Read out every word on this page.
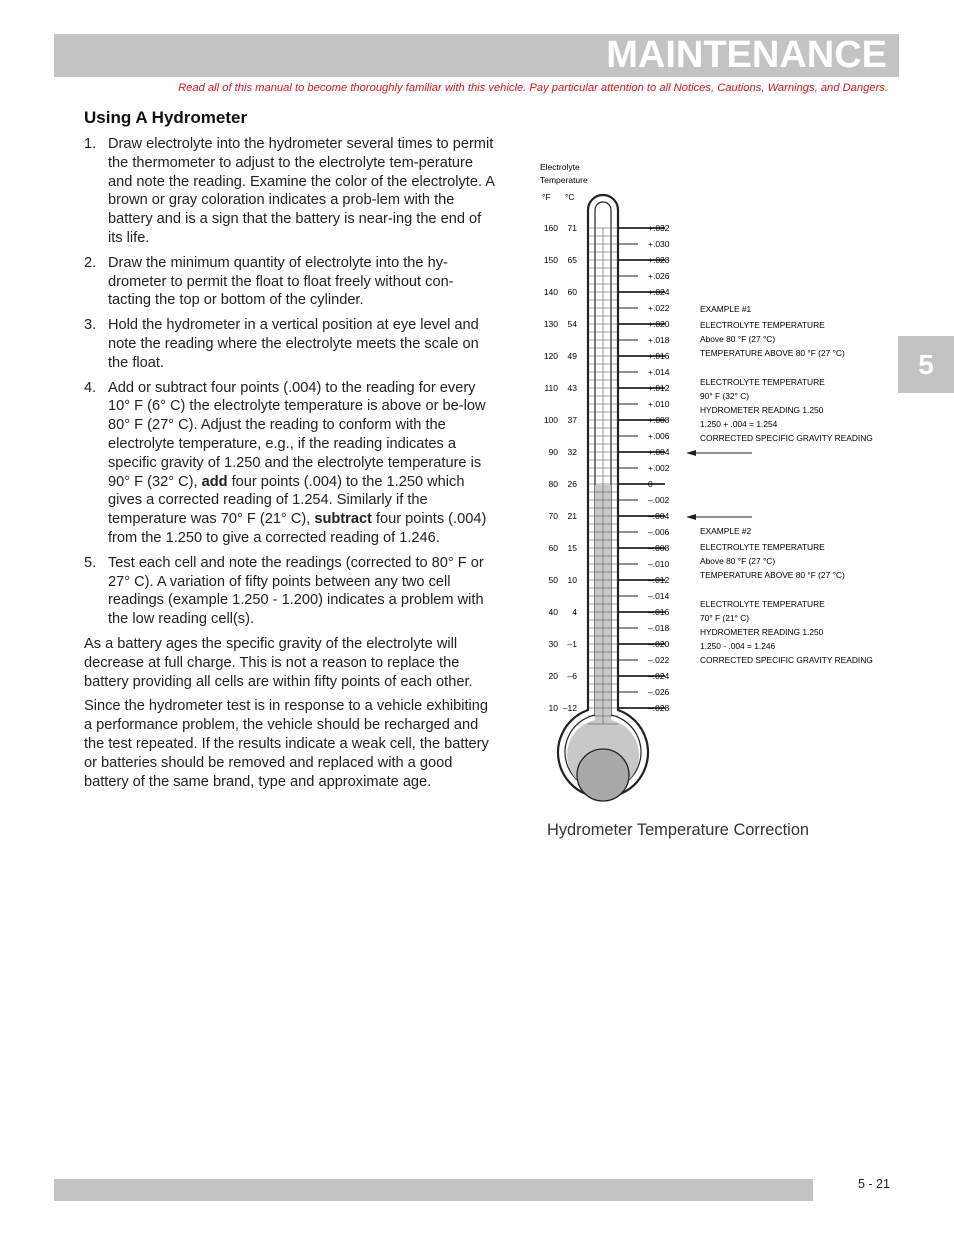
MAINTENANCE
Read all of this manual to become thoroughly familiar with this vehicle. Pay particular attention to all Notices, Cautions, Warnings, and Dangers.
Using A Hydrometer
1. Draw electrolyte into the hydrometer several times to permit the thermometer to adjust to the electrolyte tem-perature and note the reading. Examine the color of the electrolyte. A brown or gray coloration indicates a prob-lem with the battery and is a sign that the battery is near-ing the end of its life.
2. Draw the minimum quantity of electrolyte into the hy-drometer to permit the float to float freely without con-tacting the top or bottom of the cylinder.
3. Hold the hydrometer in a vertical position at eye level and note the reading where the electrolyte meets the scale on the float.
4. Add or subtract four points (.004) to the reading for every 10° F (6° C) the electrolyte temperature is above or be-low 80° F (27° C). Adjust the reading to conform with the electrolyte temperature, e.g., if the reading indicates a specific gravity of 1.250 and the electrolyte temperature is 90° F (32° C), add four points (.004) to the 1.250 which gives a corrected reading of 1.254. Similarly if the temperature was 70° F (21° C), subtract four points (.004) from the 1.250 to give a corrected reading of 1.246.
5. Test each cell and note the readings (corrected to 80° F or 27° C). A variation of fifty points between any two cell readings (example 1.250 - 1.200) indicates a problem with the low reading cell(s).

As a battery ages the specific gravity of the electrolyte will decrease at full charge. This is not a reason to replace the battery providing all cells are within fifty points of each other.

Since the hydrometer test is in response to a vehicle exhibiting a performance problem, the vehicle should be recharged and the test repeated. If the results indicate a weak cell, the battery or batteries should be removed and replaced with a good battery of the same brand, type and approximate age.

5
Electrolyte
Temperature
°F °C
160 71
150 65
140 60
130 54
120 49
110 43
100 37
90 32
80 26
70 21
60 15
50 10
40 4
30 –1
20 –6
10 –12
+.032
+.030
+.028
+.026
+.024
+.022
+.020
+.018
+.016
+.014
+.012
+.010
+.008
+.006
+.004
+.002
0
–.002
–.004
–.006
–.008
–.010
–.012
–.014
–.016
–.018
–.020
–.022
–.024
–.026
–.028
EXAMPLE #1
ELECTROLYTE TEMPERATURE
Above 80 °F (27 °C)
TEMPERATURE ABOVE 80 °F (27 °C)
ELECTROLYTE TEMPERATURE
90° F (32° C)
HYDROMETER READING 1.250
1.250 + .004 = 1.254
CORRECTED SPECIFIC GRAVITY READING
EXAMPLE #2
ELECTROLYTE TEMPERATURE
Above 80 °F (27 °C)
TEMPERATURE ABOVE 80 °F (27 °C)
ELECTROLYTE TEMPERATURE
70° F (21° C)
HYDROMETER READING 1.250
1.250 - .004 = 1.246
CORRECTED SPECIFIC GRAVITY READING
Hydrometer Temperature Correction
5 - 21
